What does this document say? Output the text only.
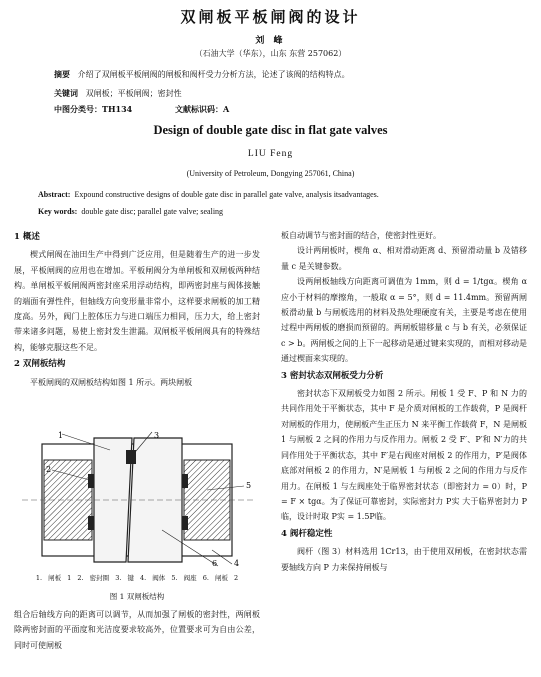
双闸板平板闸阀的设计
刘 峰
（石油大学（华东），山东 东营 257062）
摘要 介绍了双闸板平板闸阀的闸板和阀杆受力分析方法，论述了该阀的结构特点。
关键词 双闸板；平板闸阀；密封性
中图分类号：TH134	文献标识码：A
Design of double gate disc in flat gate valves
LIU Feng
(University of Petroleum, Dongying 257061, China)
Abstract: Expound constructive designs of double gate disc in parallel gate valve, analysis itsadvantages.
Key words: double gate disc; parallel gate valve; sealing

1 概述

楔式闸阀在油田生产中得到广泛应用，但是随着生产的进一步发展，平板闸阀的应用也在增加。平板闸阀分为单闸板和双闸板两种结构。单闸板平板闸阀两密封座采用浮动结构，即两密封座与阀体接触的端面有弹性件，但轴线方向变形量非常小，这样要求闸板的加工精度高。另外，阀门上腔体压力与进口端压力相同，压力大，给上密封带来诸多问题，易使上密封发生泄漏。双闸板平板闸阀具有的特殊结构，能够克服这些不足。

2 双闸板结构

平板闸阀的双闸板结构如图 1 所示。两块闸板

1
2
3
4
5
6
1. 闸板 1 2. 密封圈 3. 键 4. 阀体 5. 阀座 6. 闸板 2
图 1 双闸板结构

组合后轴线方向的距离可以调节，从而加强了闸板的密封性，两闸板除两密封面的平面度和光洁度要求较高外，位置要求可为自由公差，同时可使闸板

板自动调节与密封面的结合，使密封性更好。

设计两闸板时，楔角 α、相对滑动距离 d、预留滑动量 b 及错移量 c 是关键参数。

设两闸板轴线方向距离可调值为 1mm，则 d = 1/tgα。楔角 α 应小于材料的摩擦角，一般取 α = 5°，则 d = 11.4mm。预留两闸板滑动量 b 与闸板选用的材料及热处理硬度有关，主要是考虑在使用过程中两闸板的磨损而预留的。两闸板错移量 c 与 b 有关，必须保证 c > b。两闸板之间的上下一起移动是通过键来实现的，而相对移动是通过楔面来实现的。

3 密封状态双闸板受力分析

密封状态下双闸板受力如图 2 所示。闸板 1 受 F、P 和 N 力的共同作用处于平衡状态，其中 F 是介质对闸板的工作载荷，P 是阀杆对闸板的作用力，使闸板产生正压力 N 来平衡工作载荷 F，N 是闸板 1 与闸板 2 之间的作用力与反作用力。闸板 2 受 F′、P′和 N′力的共同作用处于平衡状态，其中 F′是右阀座对闸板 2 的作用力，P′是阀体底部对闸板 2 的作用力，N′是闸板 1 与闸板 2 之间的作用力与反作用力。在闸板 1 与左阀座处于临界密封状态（即密封力 = 0）时，P = F × tgα。为了保证可靠密封，实际密封力 P实 大于临界密封力 P临，设计时取 P实 = 1.5P临。

4 阀杆稳定性

阀杆（图 3）材料选用 1Cr13，由于使用双闸板，在密封状态需要轴线方向 P 力来保持闸板与
